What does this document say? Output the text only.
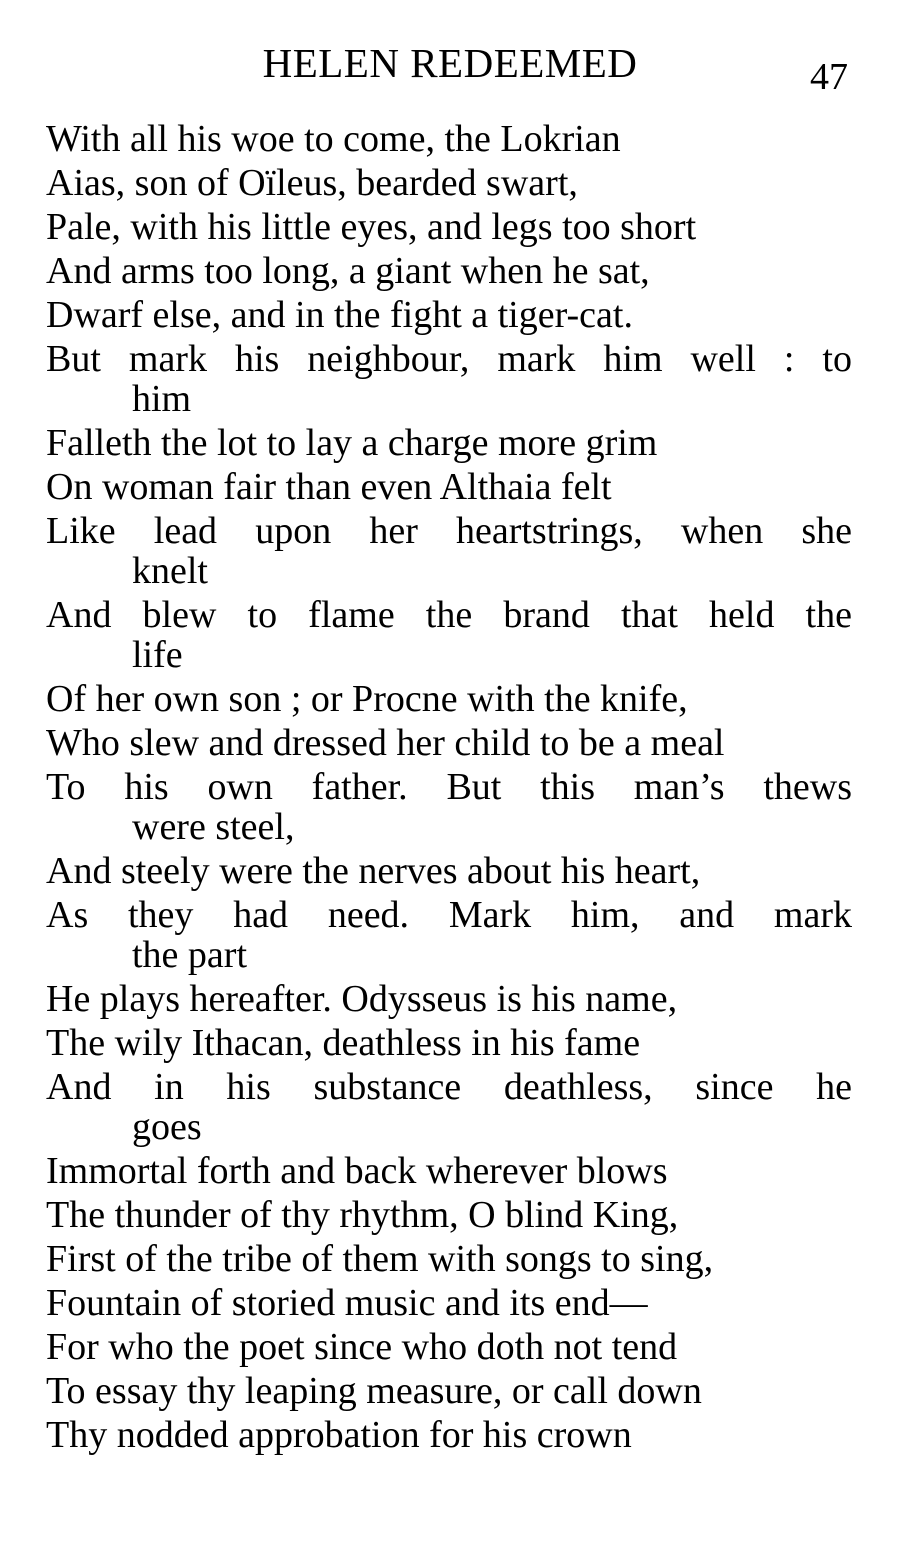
HELEN REDEEMED	47
With all his woe to come, the Lokrian
Aias, son of Oïleus, bearded swart,
Pale, with his little eyes, and legs too short
And arms too long, a giant when he sat,
Dwarf else, and in the fight a tiger-cat.
But mark his neighbour, mark him well : to
him
Falleth the lot to lay a charge more grim
On woman fair than even Althaia felt
Like lead upon her heartstrings, when she
knelt
And blew to flame the brand that held the
life
Of her own son ; or Procne with the knife,
Who slew and dressed her child to be a meal
To his own father. But this man’s thews
were steel,
And steely were the nerves about his heart,
As they had need. Mark him, and mark
the part
He plays hereafter. Odysseus is his name,
The wily Ithacan, deathless in his fame
And in his substance deathless, since he
goes
Immortal forth and back wherever blows
The thunder of thy rhythm, O blind King,
First of the tribe of them with songs to sing,
Fountain of storied music and its end—
For who the poet since who doth not tend
To essay thy leaping measure, or call down
Thy nodded approbation for his crown
